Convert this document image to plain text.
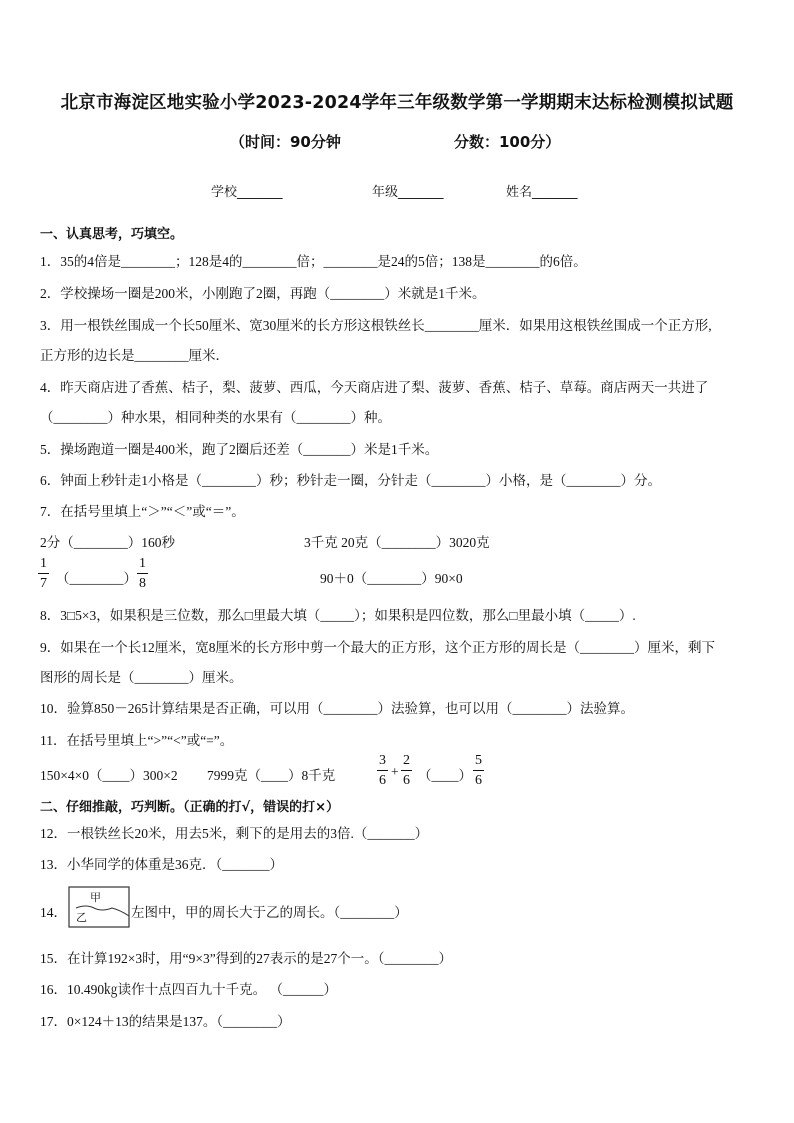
北京市海淀区地实验小学2023-2024学年三年级数学第一学期期末达标检测模拟试题
（时间：90分钟	分数：100分）
学校_______	年级_______	姓名_______
一、认真思考，巧填空。
1．35的4倍是________；128是4的________倍；________是24的5倍；138是________的6倍。
2．学校操场一圈是200米，小刚跑了2圈，再跑（________）米就是1千米。
3．用一根铁丝围成一个长50厘米、宽30厘米的长方形这根铁丝长________厘米．如果用这根铁丝围成一个正方形,
正方形的边长是________厘米．
4．昨天商店进了香蕉、桔子，梨、菠萝、西瓜，今天商店进了梨、菠萝、香蕉、桔子、草莓。商店两天一共进了
（________）种水果，相同种类的水果有（________）种。
5．操场跑道一圈是400米，跑了2圈后还差（_______）米是1千米。
6．钟面上秒针走1小格是（________）秒；秒针走一圈，分针走（________）小格，是（________）分。
7．在括号里填上“＞”“＜”或“＝”。
2分（________）160秒	3千克 20克（________）3020克
$\frac{1}{7}$ （________） $\frac{1}{8}$	90＋0（________）90×0
8．3□5×3，如果积是三位数，那么□里最大填（_____）；如果积是四位数，那么□里最小填（_____）.
9．如果在一个长12厘米，宽8厘米的长方形中剪一个最大的正方形，这个正方形的周长是（________）厘米，剩下
图形的周长是（________）厘米。
10．验算850－265计算结果是否正确，可以用（________）法验算，也可以用（________）法验算。
11．在括号里填上“>”“<”或“=”。
150×4×0（____）300×2 7999克（____）8千克	$\frac{3}{6} + \frac{2}{6}$ （____） $\frac{5}{6}$
二、仔细推敲，巧判断。（正确的打√，错误的打×）
12．一根铁丝长20米，用去5米，剩下的是用去的3倍.（_______）
13．小华同学的体重是36克．（_______）
14．
甲
乙	左图中，甲的周长大于乙的周长。（________）
15．在计算192×3时，用“9×3”得到的27表示的是27个一。（________）
16．10.490㎏读作十点四百九十千克。 （______）
17．0×124＋13的结果是137。（________）
